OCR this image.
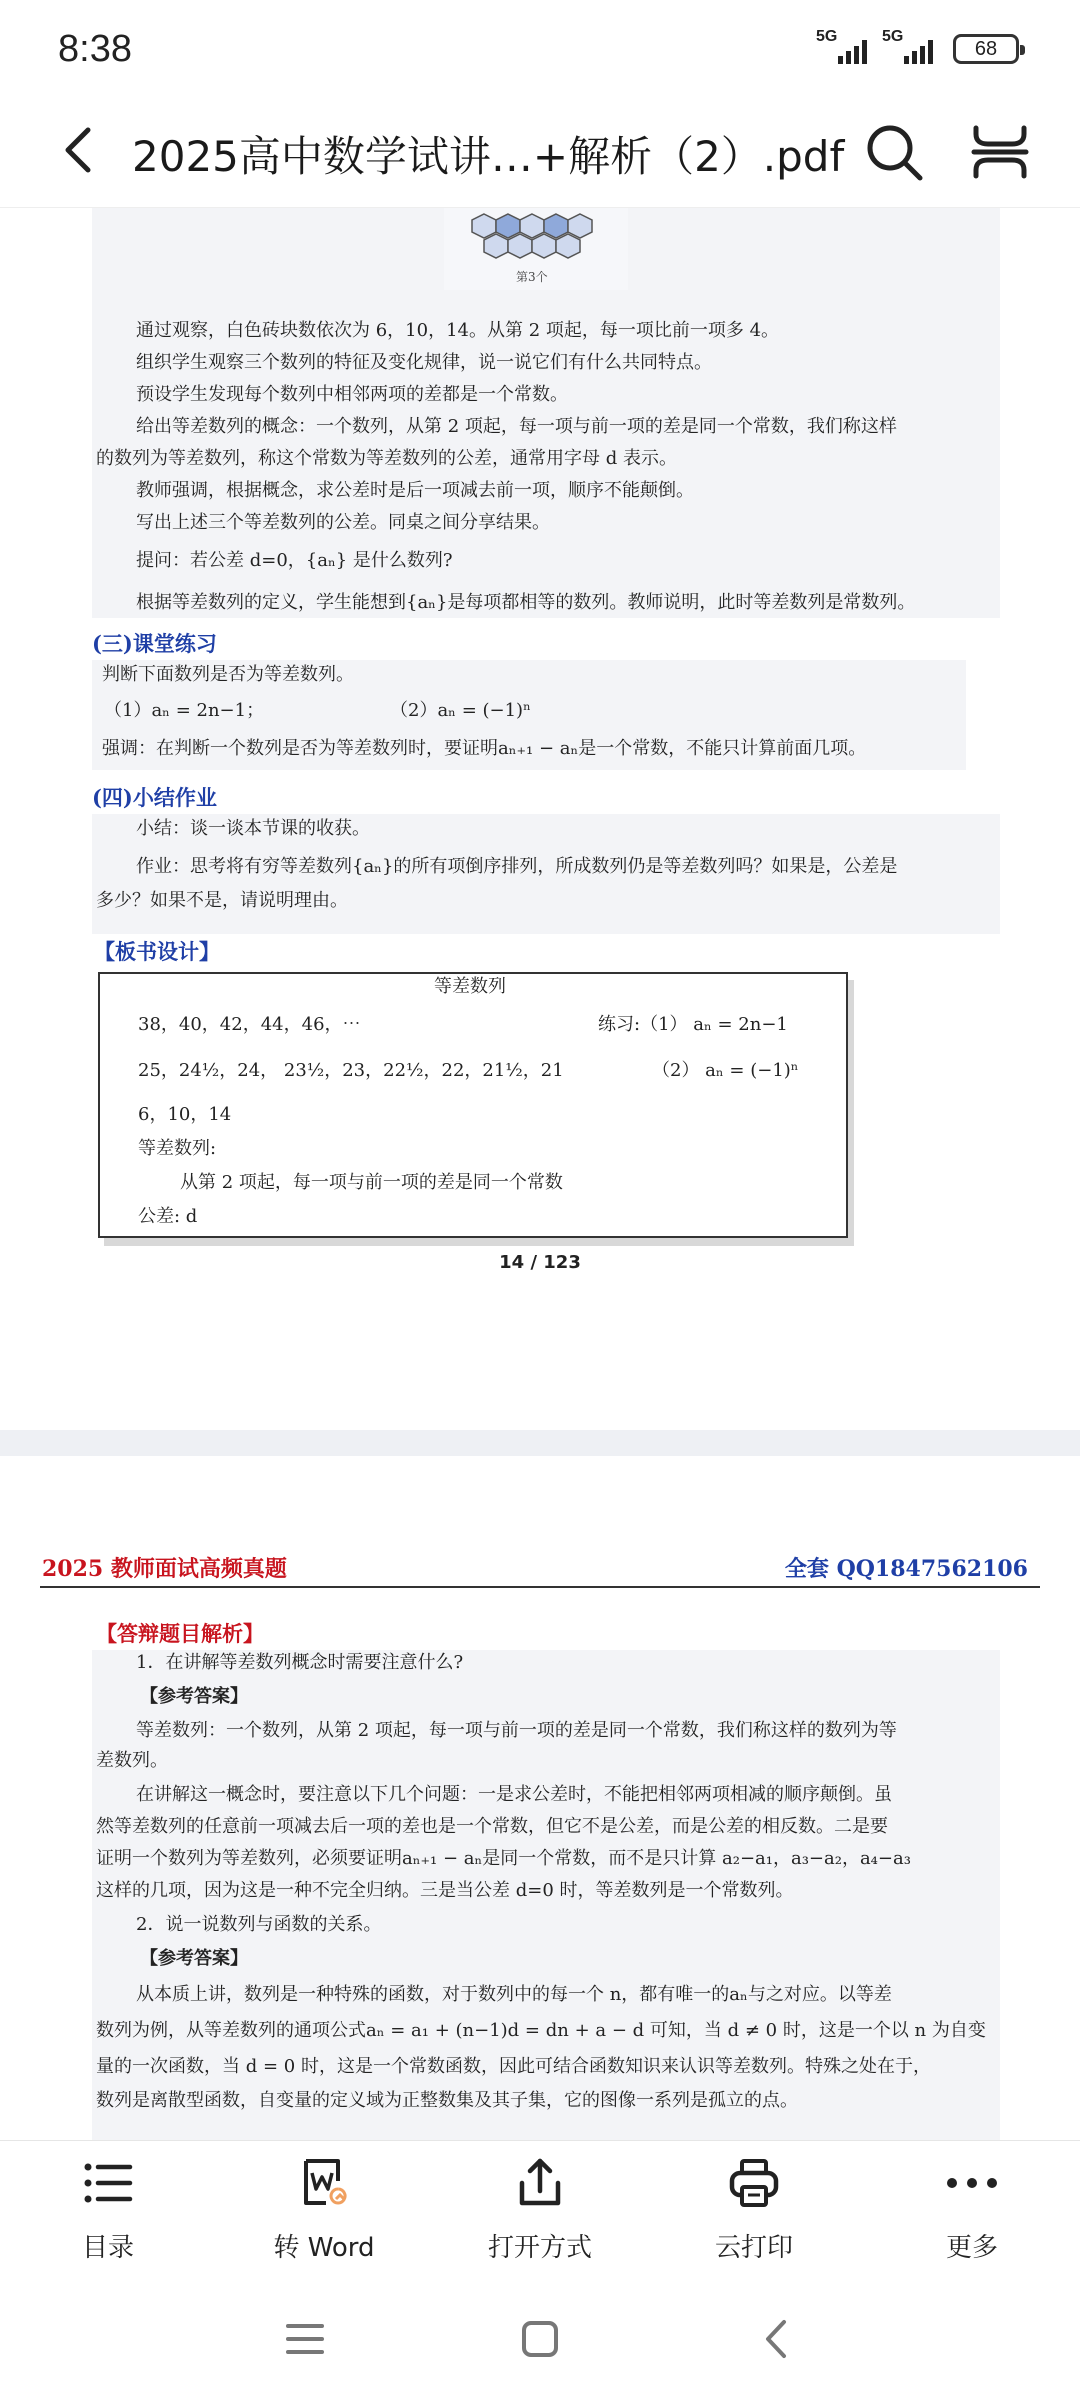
8:38	5G	5G
68
2025高中数学试讲…+解析（2）.pdf
第3个
通过观察，白色砖块数依次为 6，10，14。从第 2 项起，每一项比前一项多 4。
组织学生观察三个数列的特征及变化规律，说一说它们有什么共同特点。
预设学生发现每个数列中相邻两项的差都是一个常数。
给出等差数列的概念：一个数列，从第 2 项起，每一项与前一项的差是同一个常数，我们称这样
的数列为等差数列，称这个常数为等差数列的公差，通常用字母 d 表示。
教师强调，根据概念，求公差时是后一项减去前一项，顺序不能颠倒。
写出上述三个等差数列的公差。同桌之间分享结果。
提问：若公差 d=0，{aₙ} 是什么数列?
根据等差数列的定义，学生能想到{aₙ}是每项都相等的数列。教师说明，此时等差数列是常数列。
(三)课堂练习
判断下面数列是否为等差数列。
（1）aₙ = 2n−1；	（2）aₙ = (−1)ⁿ
强调：在判断一个数列是否为等差数列时，要证明aₙ₊₁ − aₙ是一个常数，不能只计算前面几项。
(四)小结作业
小结：谈一谈本节课的收获。
作业：思考将有穷等差数列{aₙ}的所有项倒序排列，所成数列仍是等差数列吗？如果是，公差是
多少？如果不是，请说明理由。
【板书设计】
等差数列
38，40，42，44，46，⋯
25，24½，24， 23½，23，22½，22，21½，21
6，10，14
等差数列:
从第 2 项起，每一项与前一项的差是同一个常数
公差: d
练习:（1） aₙ = 2n−1
（2） aₙ = (−1)ⁿ
14 / 123
2025 教师面试高频真题	全套 QQ1847562106
【答辩题目解析】
1．在讲解等差数列概念时需要注意什么?
【参考答案】
等差数列：一个数列，从第 2 项起，每一项与前一项的差是同一个常数，我们称这样的数列为等
差数列。
在讲解这一概念时，要注意以下几个问题：一是求公差时，不能把相邻两项相减的顺序颠倒。虽
然等差数列的任意前一项减去后一项的差也是一个常数，但它不是公差，而是公差的相反数。二是要
证明一个数列为等差数列，必须要证明aₙ₊₁ − aₙ是同一个常数，而不是只计算 a₂−a₁，a₃−a₂，a₄−a₃
这样的几项，因为这是一种不完全归纳。三是当公差 d=0 时，等差数列是一个常数列。
2．说一说数列与函数的关系。
【参考答案】
从本质上讲，数列是一种特殊的函数，对于数列中的每一个 n，都有唯一的aₙ与之对应。以等差
数列为例，从等差数列的通项公式aₙ = a₁ + (n−1)d = dn + a − d 可知，当 d ≠ 0 时，这是一个以 n 为自变
量的一次函数，当 d = 0 时，这是一个常数函数，因此可结合函数知识来认识等差数列。特殊之处在于，
数列是离散型函数，自变量的定义域为正整数集及其子集，它的图像一系列是孤立的点。
目录	转 Word	打开方式	云打印	更多
